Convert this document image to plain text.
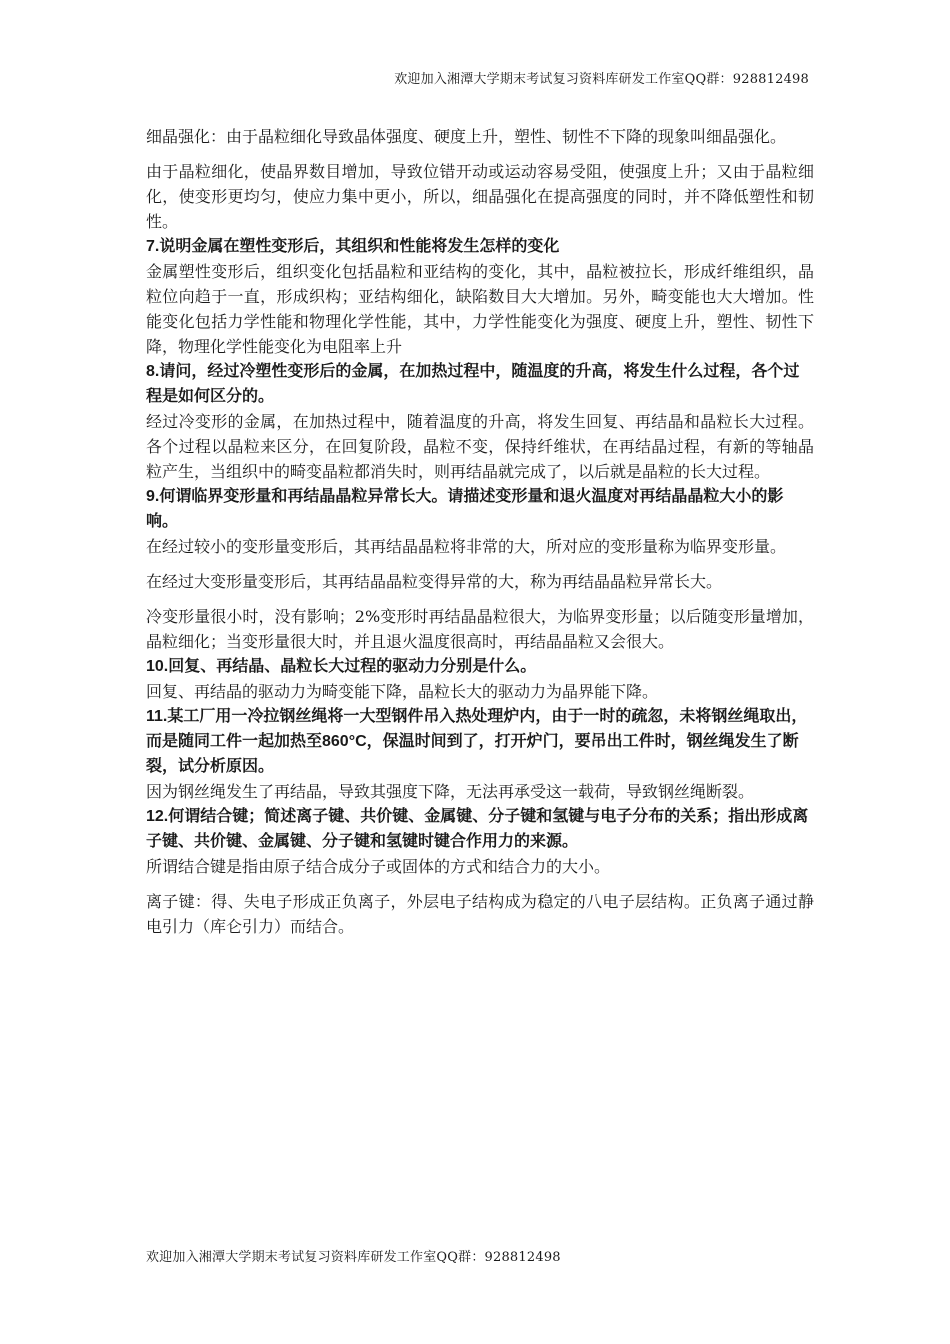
欢迎加入湘潭大学期末考试复习资料库研发工作室QQ群：928812498

细晶强化：由于晶粒细化导致晶体强度、硬度上升，塑性、韧性不下降的现象叫细晶强化。

由于晶粒细化，使晶界数目增加，导致位错开动或运动容易受阻，使强度上升；又由于晶粒细化，使变形更均匀，使应力集中更小，所以，细晶强化在提高强度的同时，并不降低塑性和韧性。

7.说明金属在塑性变形后，其组织和性能将发生怎样的变化

金属塑性变形后，组织变化包括晶粒和亚结构的变化，其中，晶粒被拉长，形成纤维组织，晶粒位向趋于一直，形成织构；亚结构细化，缺陷数目大大增加。另外，畸变能也大大增加。性能变化包括力学性能和物理化学性能，其中，力学性能变化为强度、硬度上升，塑性、韧性下降，物理化学性能变化为电阻率上升

8.请问，经过冷塑性变形后的金属，在加热过程中，随温度的升高，将发生什么过程，各个过程是如何区分的。

经过冷变形的金属，在加热过程中，随着温度的升高，将发生回复、再结晶和晶粒长大过程。各个过程以晶粒来区分，在回复阶段，晶粒不变，保持纤维状，在再结晶过程，有新的等轴晶粒产生，当组织中的畸变晶粒都消失时，则再结晶就完成了，以后就是晶粒的长大过程。

9.何谓临界变形量和再结晶晶粒异常长大。请描述变形量和退火温度对再结晶晶粒大小的影响。

在经过较小的变形量变形后，其再结晶晶粒将非常的大，所对应的变形量称为临界变形量。

在经过大变形量变形后，其再结晶晶粒变得异常的大，称为再结晶晶粒异常长大。

冷变形量很小时，没有影响；2%变形时再结晶晶粒很大，为临界变形量；以后随变形量增加，晶粒细化；当变形量很大时，并且退火温度很高时，再结晶晶粒又会很大。

10.回复、再结晶、晶粒长大过程的驱动力分别是什么。

回复、再结晶的驱动力为畸变能下降，晶粒长大的驱动力为晶界能下降。

11.某工厂用一冷拉钢丝绳将一大型钢件吊入热处理炉内，由于一时的疏忽，未将钢丝绳取出，而是随同工件一起加热至860°C，保温时间到了，打开炉门，要吊出工件时，钢丝绳发生了断裂，试分析原因。

因为钢丝绳发生了再结晶，导致其强度下降，无法再承受这一载荷，导致钢丝绳断裂。

12.何谓结合键；简述离子键、共价键、金属键、分子键和氢键与电子分布的关系；指出形成离子键、共价键、金属键、分子键和氢键时键合作用力的来源。

所谓结合键是指由原子结合成分子或固体的方式和结合力的大小。

离子键：得、失电子形成正负离子，外层电子结构成为稳定的八电子层结构。正负离子通过静电引力（库仑引力）而结合。

欢迎加入湘潭大学期末考试复习资料库研发工作室QQ群：928812498
